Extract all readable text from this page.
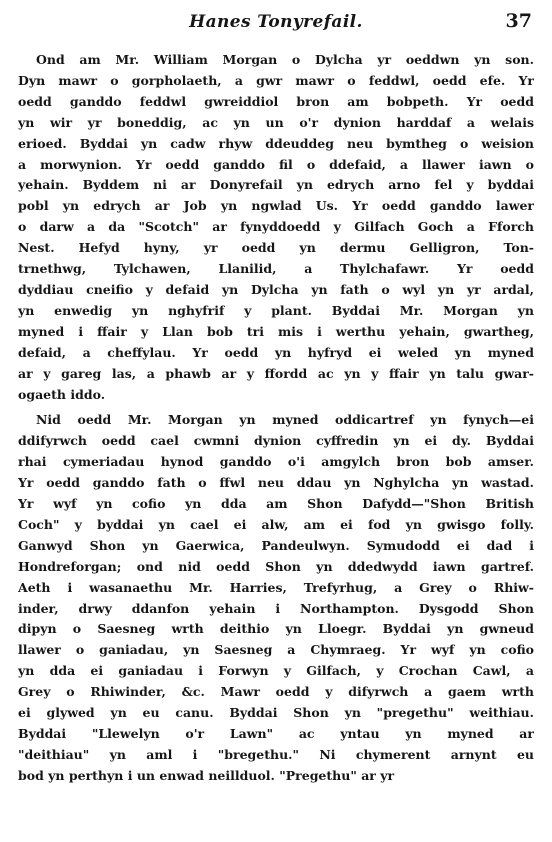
Hanes Tonyrefail.	37
Ond am Mr. William Morgan o Dylcha yr oeddwn yn son.
Dyn mawr o gorpholaeth, a gwr mawr o feddwl, oedd efe. Yr
oedd ganddo feddwl gwreiddiol bron am bobpeth. Yr oedd
yn wir yr boneddig, ac yn un o'r dynion harddaf a welais
erioed. Byddai yn cadw rhyw ddeuddeg neu bymtheg o weision
a morwynion. Yr oedd ganddo fil o ddefaid, a llawer iawn o
yehain. Byddem ni ar Donyrefail yn edrych arno fel y byddai
pobl yn edrych ar Job yn ngwlad Us. Yr oedd ganddo lawer
o darw a da "Scotch" ar fynyddoedd y Gilfach Goch a Fforch
Nest. Hefyd hyny, yr oedd yn dermu Gelligron, Ton-
trnethwg, Tylchawen, Llanilid, a Thylchafawr. Yr oedd
dyddiau cneifio y defaid yn Dylcha yn fath o wyl yn yr ardal,
yn enwedig yn nghyfrif y plant. Byddai Mr. Morgan yn
myned i ffair y Llan bob tri mis i werthu yehain, gwartheg,
defaid, a cheffylau. Yr oedd yn hyfryd ei weled yn myned
ar y gareg las, a phawb ar y ffordd ac yn y ffair yn talu gwar-
ogaeth iddo.
Nid oedd Mr. Morgan yn myned oddicartref yn fynych—ei
ddifyrwch oedd cael cwmni dynion cyffredin yn ei dy. Byddai
rhai cymeriadau hynod ganddo o'i amgylch bron bob amser.
Yr oedd ganddo fath o ffwl neu ddau yn Nghylcha yn wastad.
Yr wyf yn cofio yn dda am Shon Dafydd—"Shon British
Coch" y byddai yn cael ei alw, am ei fod yn gwisgo folly.
Ganwyd Shon yn Gaerwica, Pandeulwyn. Symudodd ei dad i
Hondreforgan; ond nid oedd Shon yn ddedwydd iawn gartref.
Aeth i wasanaethu Mr. Harries, Trefyrhug, a Grey o Rhiw-
inder, drwy ddanfon yehain i Northampton. Dysgodd Shon
dipyn o Saesneg wrth deithio yn Lloegr. Byddai yn gwneud
llawer o ganiadau, yn Saesneg a Chymraeg. Yr wyf yn cofio
yn dda ei ganiadau i Forwyn y Gilfach, y Crochan Cawl, a
Grey o Rhiwinder, &c. Mawr oedd y difyrwch a gaem wrth
ei glywed yn eu canu. Byddai Shon yn "pregethu" weithiau.
Byddai "Llewelyn o'r Lawn" ac yntau yn myned ar
"deithiau" yn aml i "bregethu." Ni chymerent arnynt eu
bod yn perthyn i un enwad neillduol. "Pregethu" ar yr
